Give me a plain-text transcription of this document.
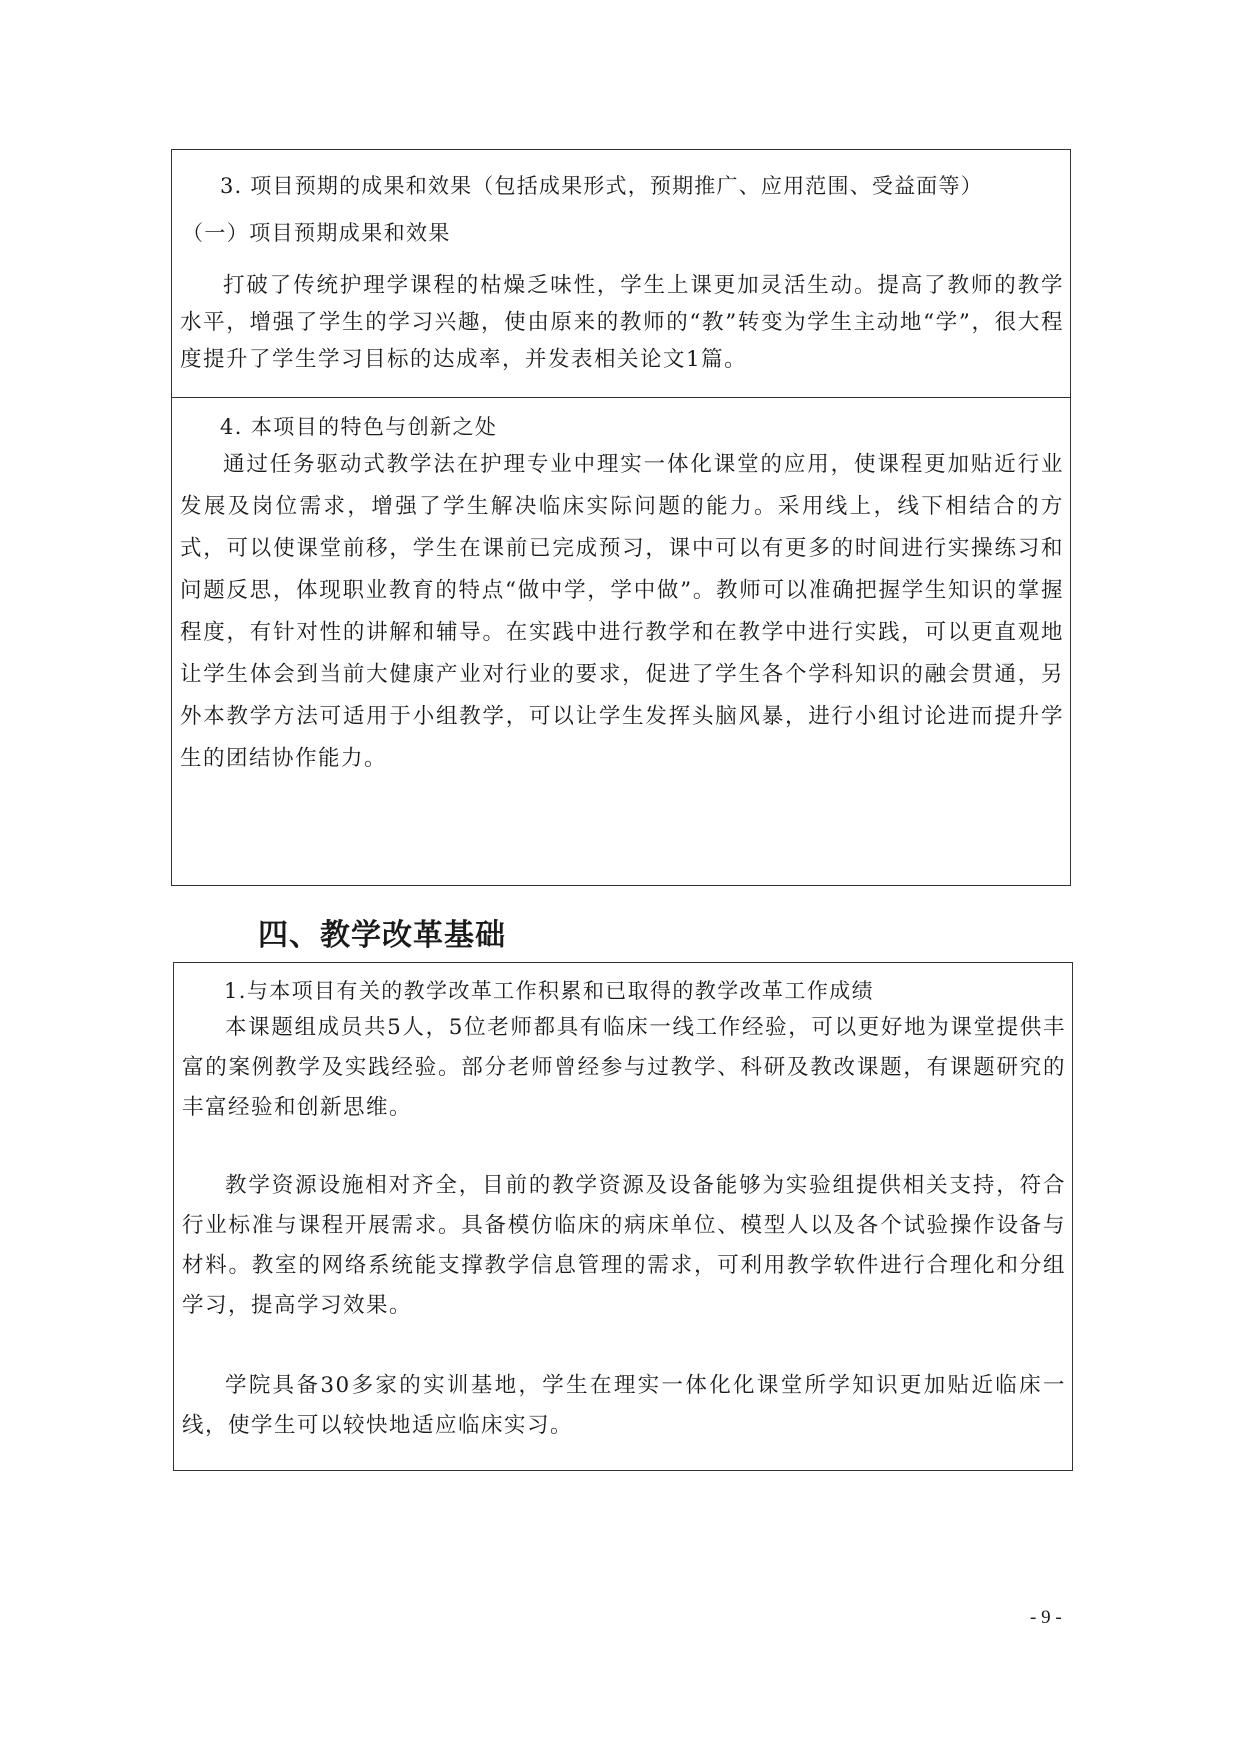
3. 项目预期的成果和效果（包括成果形式，预期推广、应用范围、受益面等）
（一）项目预期成果和效果
打破了传统护理学课程的枯燥乏味性，学生上课更加灵活生动。提高了教师的教学水平，增强了学生的学习兴趣，使由原来的教师的“教”转变为学生主动地“学”，很大程度提升了学生学习目标的达成率，并发表相关论文1篇。
4. 本项目的特色与创新之处
通过任务驱动式教学法在护理专业中理实一体化课堂的应用，使课程更加贴近行业发展及岗位需求，增强了学生解决临床实际问题的能力。采用线上，线下相结合的方式，可以使课堂前移，学生在课前已完成预习，课中可以有更多的时间进行实操练习和问题反思，体现职业教育的特点“做中学，学中做”。教师可以准确把握学生知识的掌握程度，有针对性的讲解和辅导。在实践中进行教学和在教学中进行实践，可以更直观地让学生体会到当前大健康产业对行业的要求，促进了学生各个学科知识的融会贯通，另外本教学方法可适用于小组教学，可以让学生发挥头脑风暴，进行小组讨论进而提升学生的团结协作能力。
四、教学改革基础
1.与本项目有关的教学改革工作积累和已取得的教学改革工作成绩
本课题组成员共5人，5位老师都具有临床一线工作经验，可以更好地为课堂提供丰富的案例教学及实践经验。部分老师曾经参与过教学、科研及教改课题，有课题研究的丰富经验和创新思维。
教学资源设施相对齐全，目前的教学资源及设备能够为实验组提供相关支持，符合行业标准与课程开展需求。具备模仿临床的病床单位、模型人以及各个试验操作设备与材料。教室的网络系统能支撑教学信息管理的需求，可利用教学软件进行合理化和分组学习，提高学习效果。
学院具备30多家的实训基地，学生在理实一体化化课堂所学知识更加贴近临床一线，使学生可以较快地适应临床实习。
- 9 -
